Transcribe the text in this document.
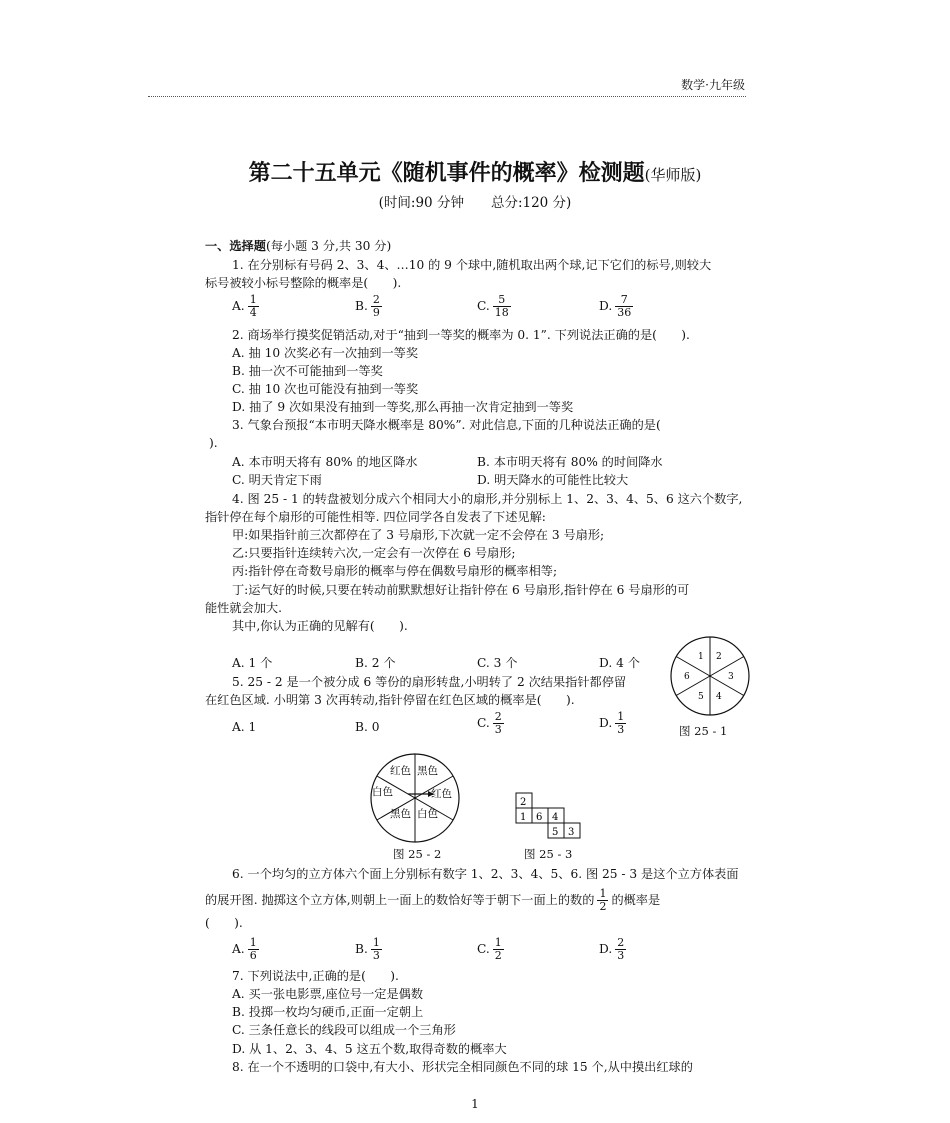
数学·九年级
第二十五单元《随机事件的概率》检测题(华师版)
(时间:90 分钟　　总分:120 分)
一、选择题(每小题 3 分,共 30 分)
1. 在分别标有号码 2、3、4、…10 的 9 个球中,随机取出两个球,记下它们的标号,则较大
标号被较小标号整除的概率是(　　).
A. $\frac{1}{4}$	B. $\frac{2}{9}$	C. $\frac{5}{18}$	D. $\frac{7}{36}$
2. 商场举行摸奖促销活动,对于“抽到一等奖的概率为 0. 1”. 下列说法正确的是(　　).
A. 抽 10 次奖必有一次抽到一等奖
B. 抽一次不可能抽到一等奖
C. 抽 10 次也可能没有抽到一等奖
D. 抽了 9 次如果没有抽到一等奖,那么再抽一次肯定抽到一等奖
3. 气象台预报“本市明天降水概率是 80%”. 对此信息,下面的几种说法正确的是(
).
A. 本市明天将有 80% 的地区降水	B. 本市明天将有 80% 的时间降水
C. 明天肯定下雨	D. 明天降水的可能性比较大
4. 图 25 - 1 的转盘被划分成六个相同大小的扇形,并分别标上 1、2、3、4、5、6 这六个数字,
指针停在每个扇形的可能性相等. 四位同学各自发表了下述见解:
甲:如果指针前三次都停在了 3 号扇形,下次就一定不会停在 3 号扇形;
乙:只要指针连续转六次,一定会有一次停在 6 号扇形;
丙:指针停在奇数号扇形的概率与停在偶数号扇形的概率相等;
丁:运气好的时候,只要在转动前默默想好让指针停在 6 号扇形,指针停在 6 号扇形的可
能性就会加大.
其中,你认为正确的见解有(　　).
A. 1 个	B. 2 个	C. 3 个	D. 4 个	1 2
3
4
5
6
图 25 - 1
5. 25 - 2 是一个被分成 6 等份的扇形转盘,小明转了 2 次结果指针都停留
在红色区域. 小明第 3 次再转动,指针停留在红色区域的概率是(　　).
A. 1	B. 0	C. $\frac{2}{3}$	D. $\frac{1}{3}$
红色 黑色
红色
白色
黑色 白色
图 25 - 2
2
1 6 4
5 3
图 25 - 3
6. 一个均匀的立方体六个面上分别标有数字 1、2、3、4、5、6. 图 25 - 3 是这个立方体表面
的展开图. 抛掷这个立方体,则朝上一面上的数恰好等于朝下一面上的数的 $\frac{1}{2}$ 的概率是
(　　).
A. $\frac{1}{6}$	B. $\frac{1}{3}$	C. $\frac{1}{2}$	D. $\frac{2}{3}$
7. 下列说法中,正确的是(　　).
A. 买一张电影票,座位号一定是偶数
B. 投掷一枚均匀硬币,正面一定朝上
C. 三条任意长的线段可以组成一个三角形
D. 从 1、2、3、4、5 这五个数,取得奇数的概率大
8. 在一个不透明的口袋中,有大小、形状完全相同颜色不同的球 15 个,从中摸出红球的
1
